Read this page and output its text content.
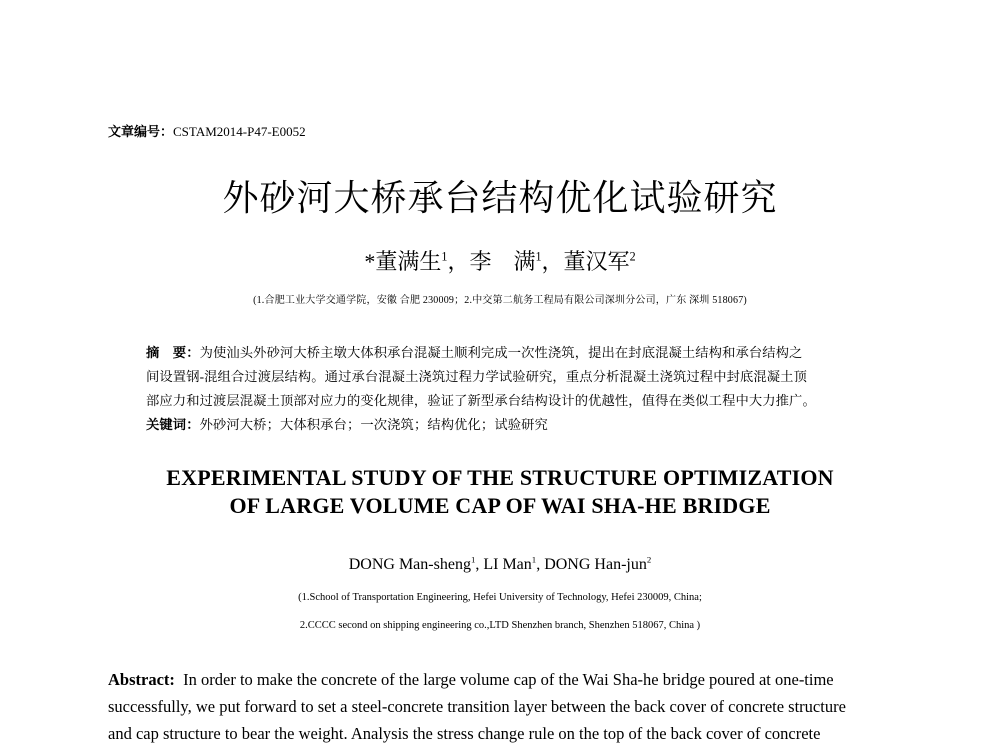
文章编号：CSTAM2014-P47-E0052
外砂河大桥承台结构优化试验研究
*董满生$^1$，李　满$^1$，董汉军$^2$
(1.合肥工业大学交通学院，安徽 合肥 230009；2.中交第二航务工程局有限公司深圳分公司，广东 深圳 518067)
摘　要：为使汕头外砂河大桥主墩大体积承台混凝土顺利完成一次性浇筑，提出在封底混凝土结构和承台结构之
间设置钢-混组合过渡层结构。通过承台混凝土浇筑过程力学试验研究，重点分析混凝土浇筑过程中封底混凝土顶
部应力和过渡层混凝土顶部对应力的变化规律，验证了新型承台结构设计的优越性，值得在类似工程中大力推广。
关键词：外砂河大桥；大体积承台；一次浇筑；结构优化；试验研究
EXPERIMENTAL STUDY OF THE STRUCTURE OPTIMIZATION
OF LARGE VOLUME CAP OF WAI SHA-HE BRIDGE
DONG Man-sheng$^1$, LI Man$^1$, DONG Han-jun$^2$
(1.School of Transportation Engineering, Hefei University of Technology, Hefei 230009, China;
2.CCCC second on shipping engineering co.,LTD Shenzhen branch, Shenzhen 518067, China )
Abstract: In order to make the concrete of the large volume cap of the Wai Sha-he bridge poured at one-time
successfully, we put forward to set a steel-concrete transition layer between the back cover of concrete structure
and cap structure to bear the weight. Analysis the stress change rule on the top of the back cover of concrete
